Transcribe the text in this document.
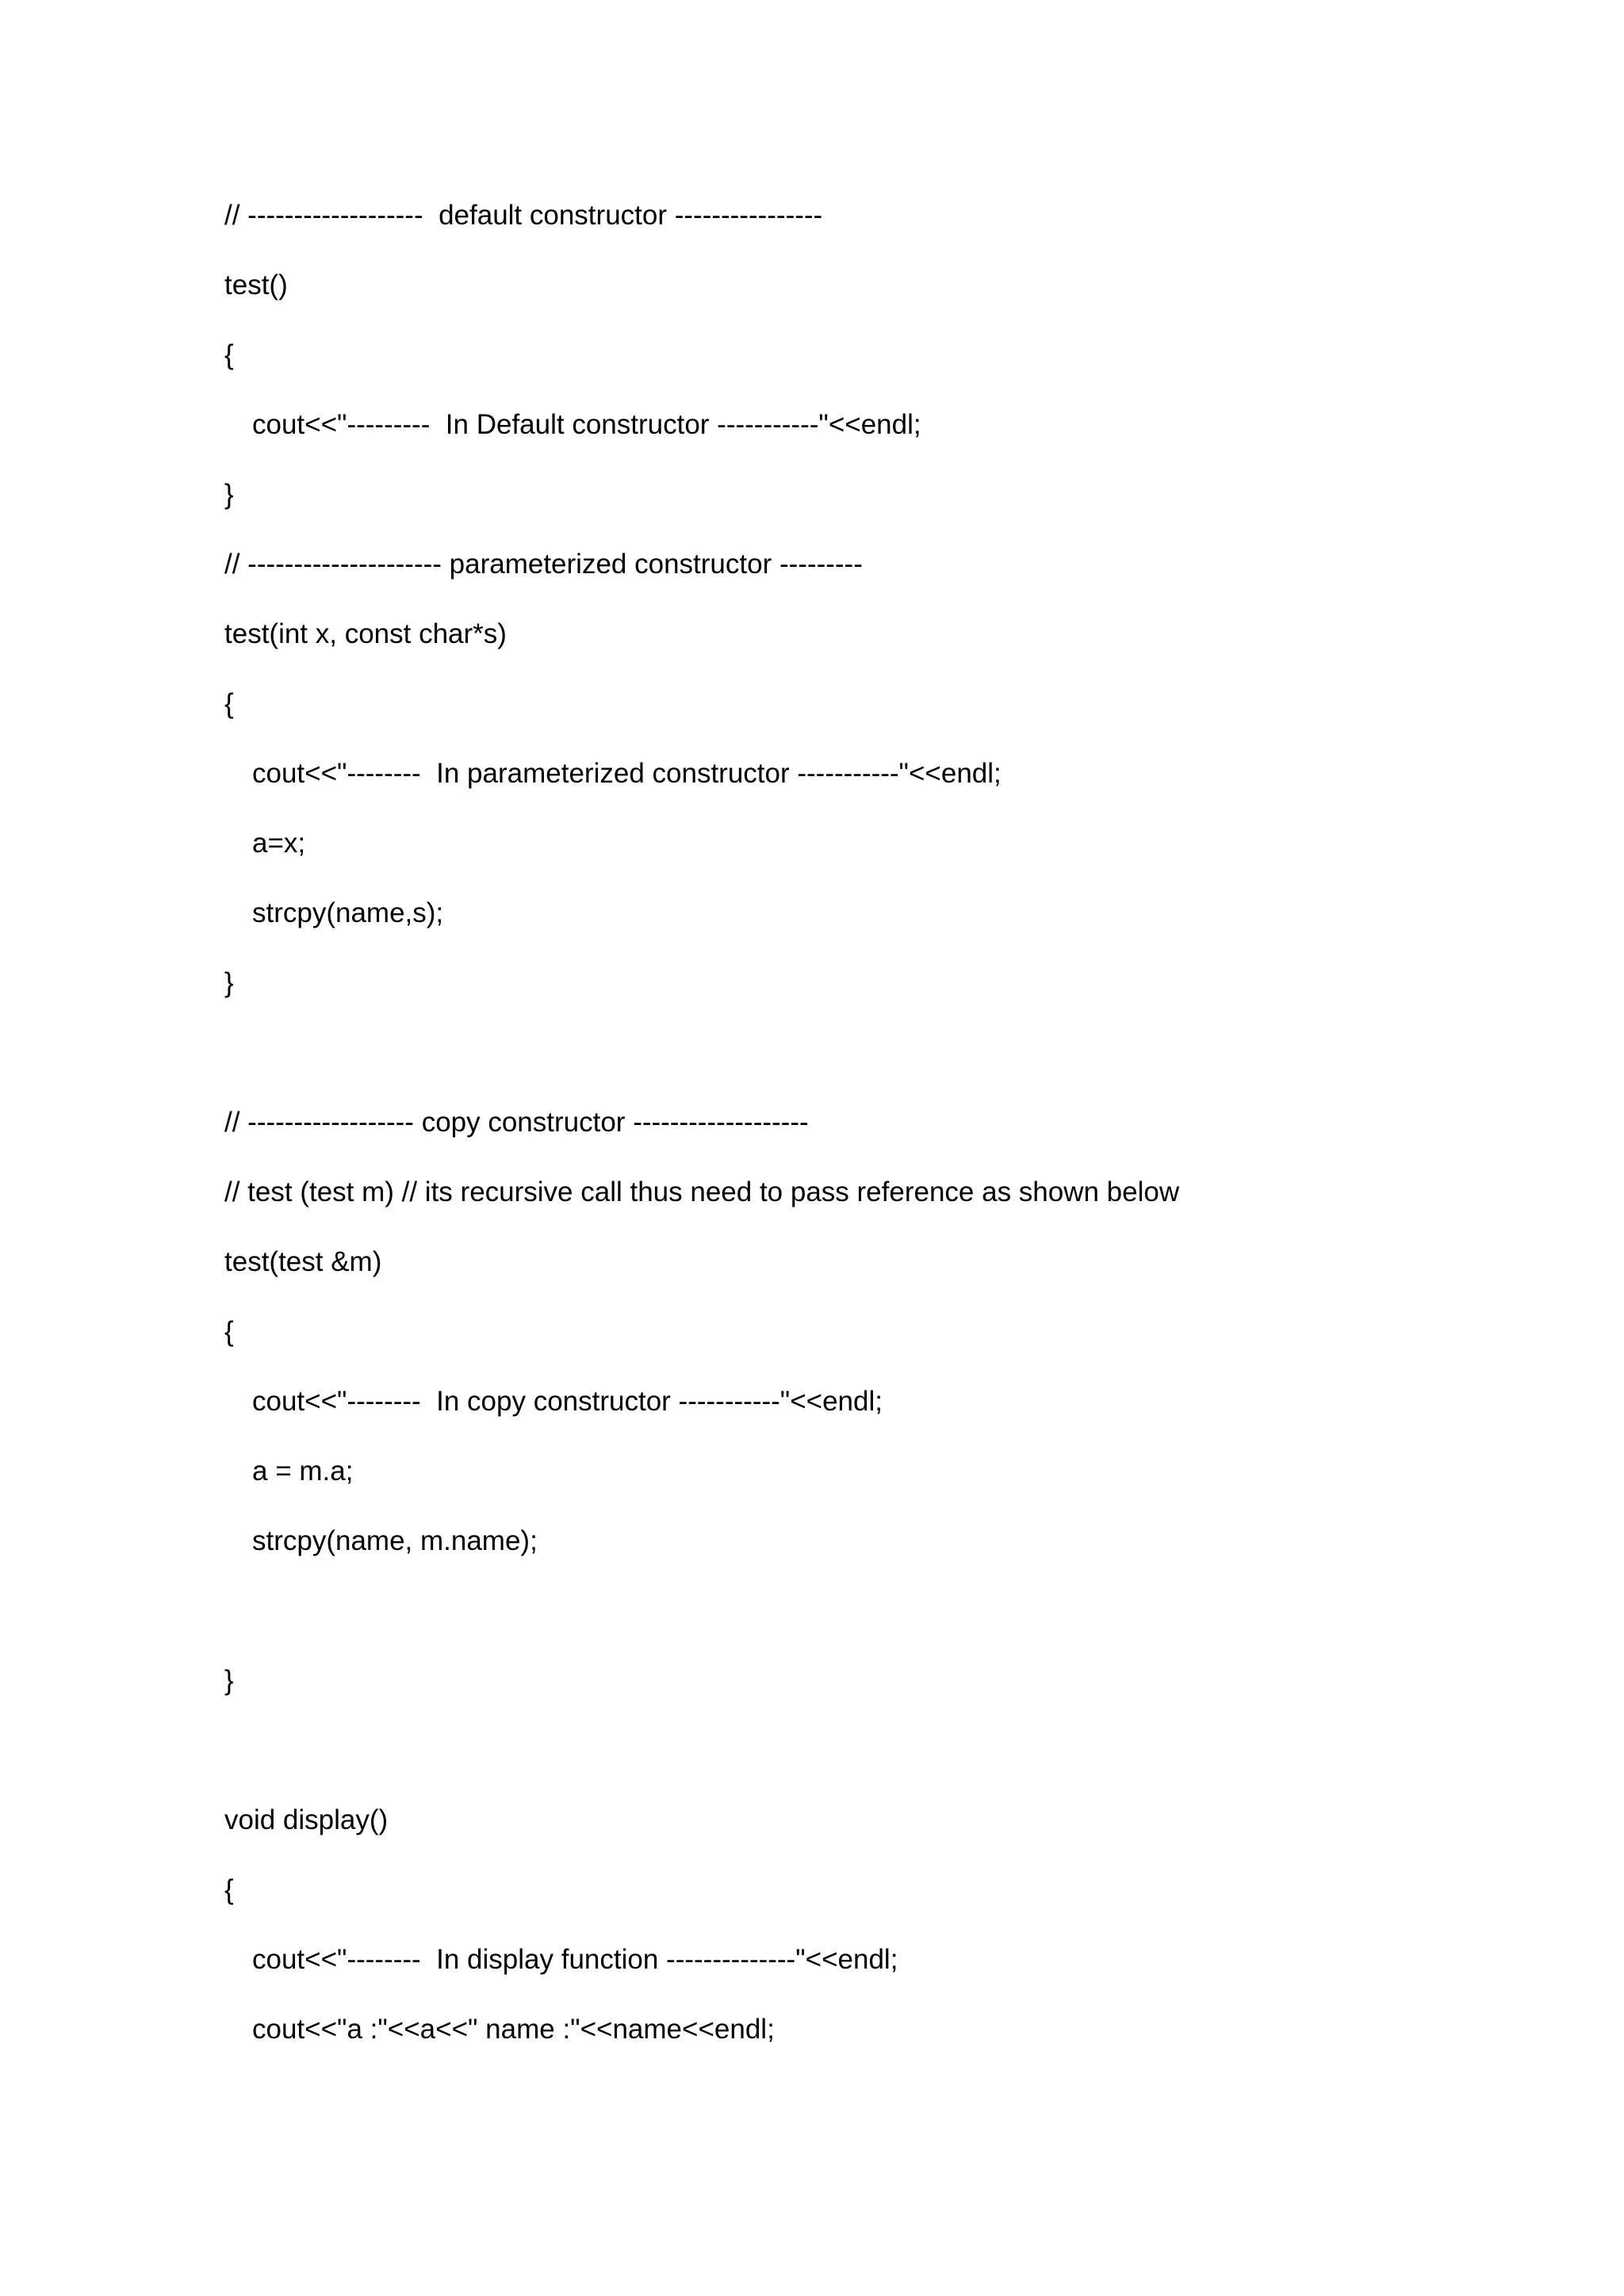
// -------------------  default constructor ----------------
test()
{
cout<<"---------  In Default constructor -----------"<<endl;
}
// --------------------- parameterized constructor ---------
test(int x, const char*s)
{
cout<<"--------  In parameterized constructor -----------"<<endl;
a=x;
strcpy(name,s);
}
// ------------------ copy constructor -------------------
// test (test m) // its recursive call thus need to pass reference as shown below
test(test &m)
{
cout<<"--------  In copy constructor -----------"<<endl;
a = m.a;
strcpy(name, m.name);
}
void display()
{
cout<<"--------  In display function --------------"<<endl;
cout<<"a :"<<a<<" name :"<<name<<endl;
